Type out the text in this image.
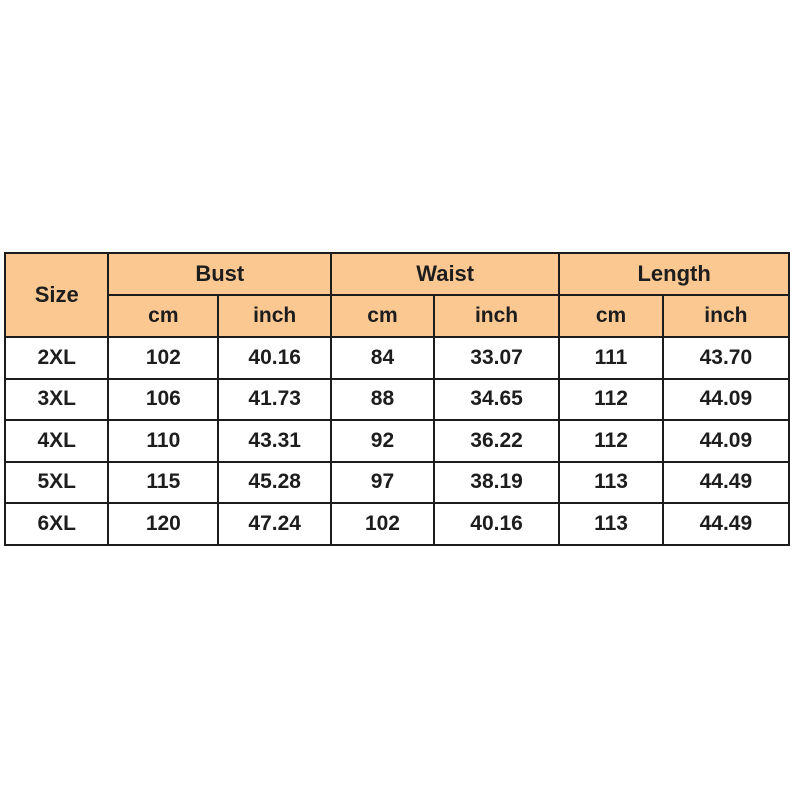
Size	Bust		Waist		Length	
	cm	inch	cm	inch	cm	inch
2XL	102	40.16	84	33.07	111	43.70
3XL	106	41.73	88	34.65	112	44.09
4XL	110	43.31	92	36.22	112	44.09
5XL	115	45.28	97	38.19	113	44.49
6XL	120	47.24	102	40.16	113	44.49
